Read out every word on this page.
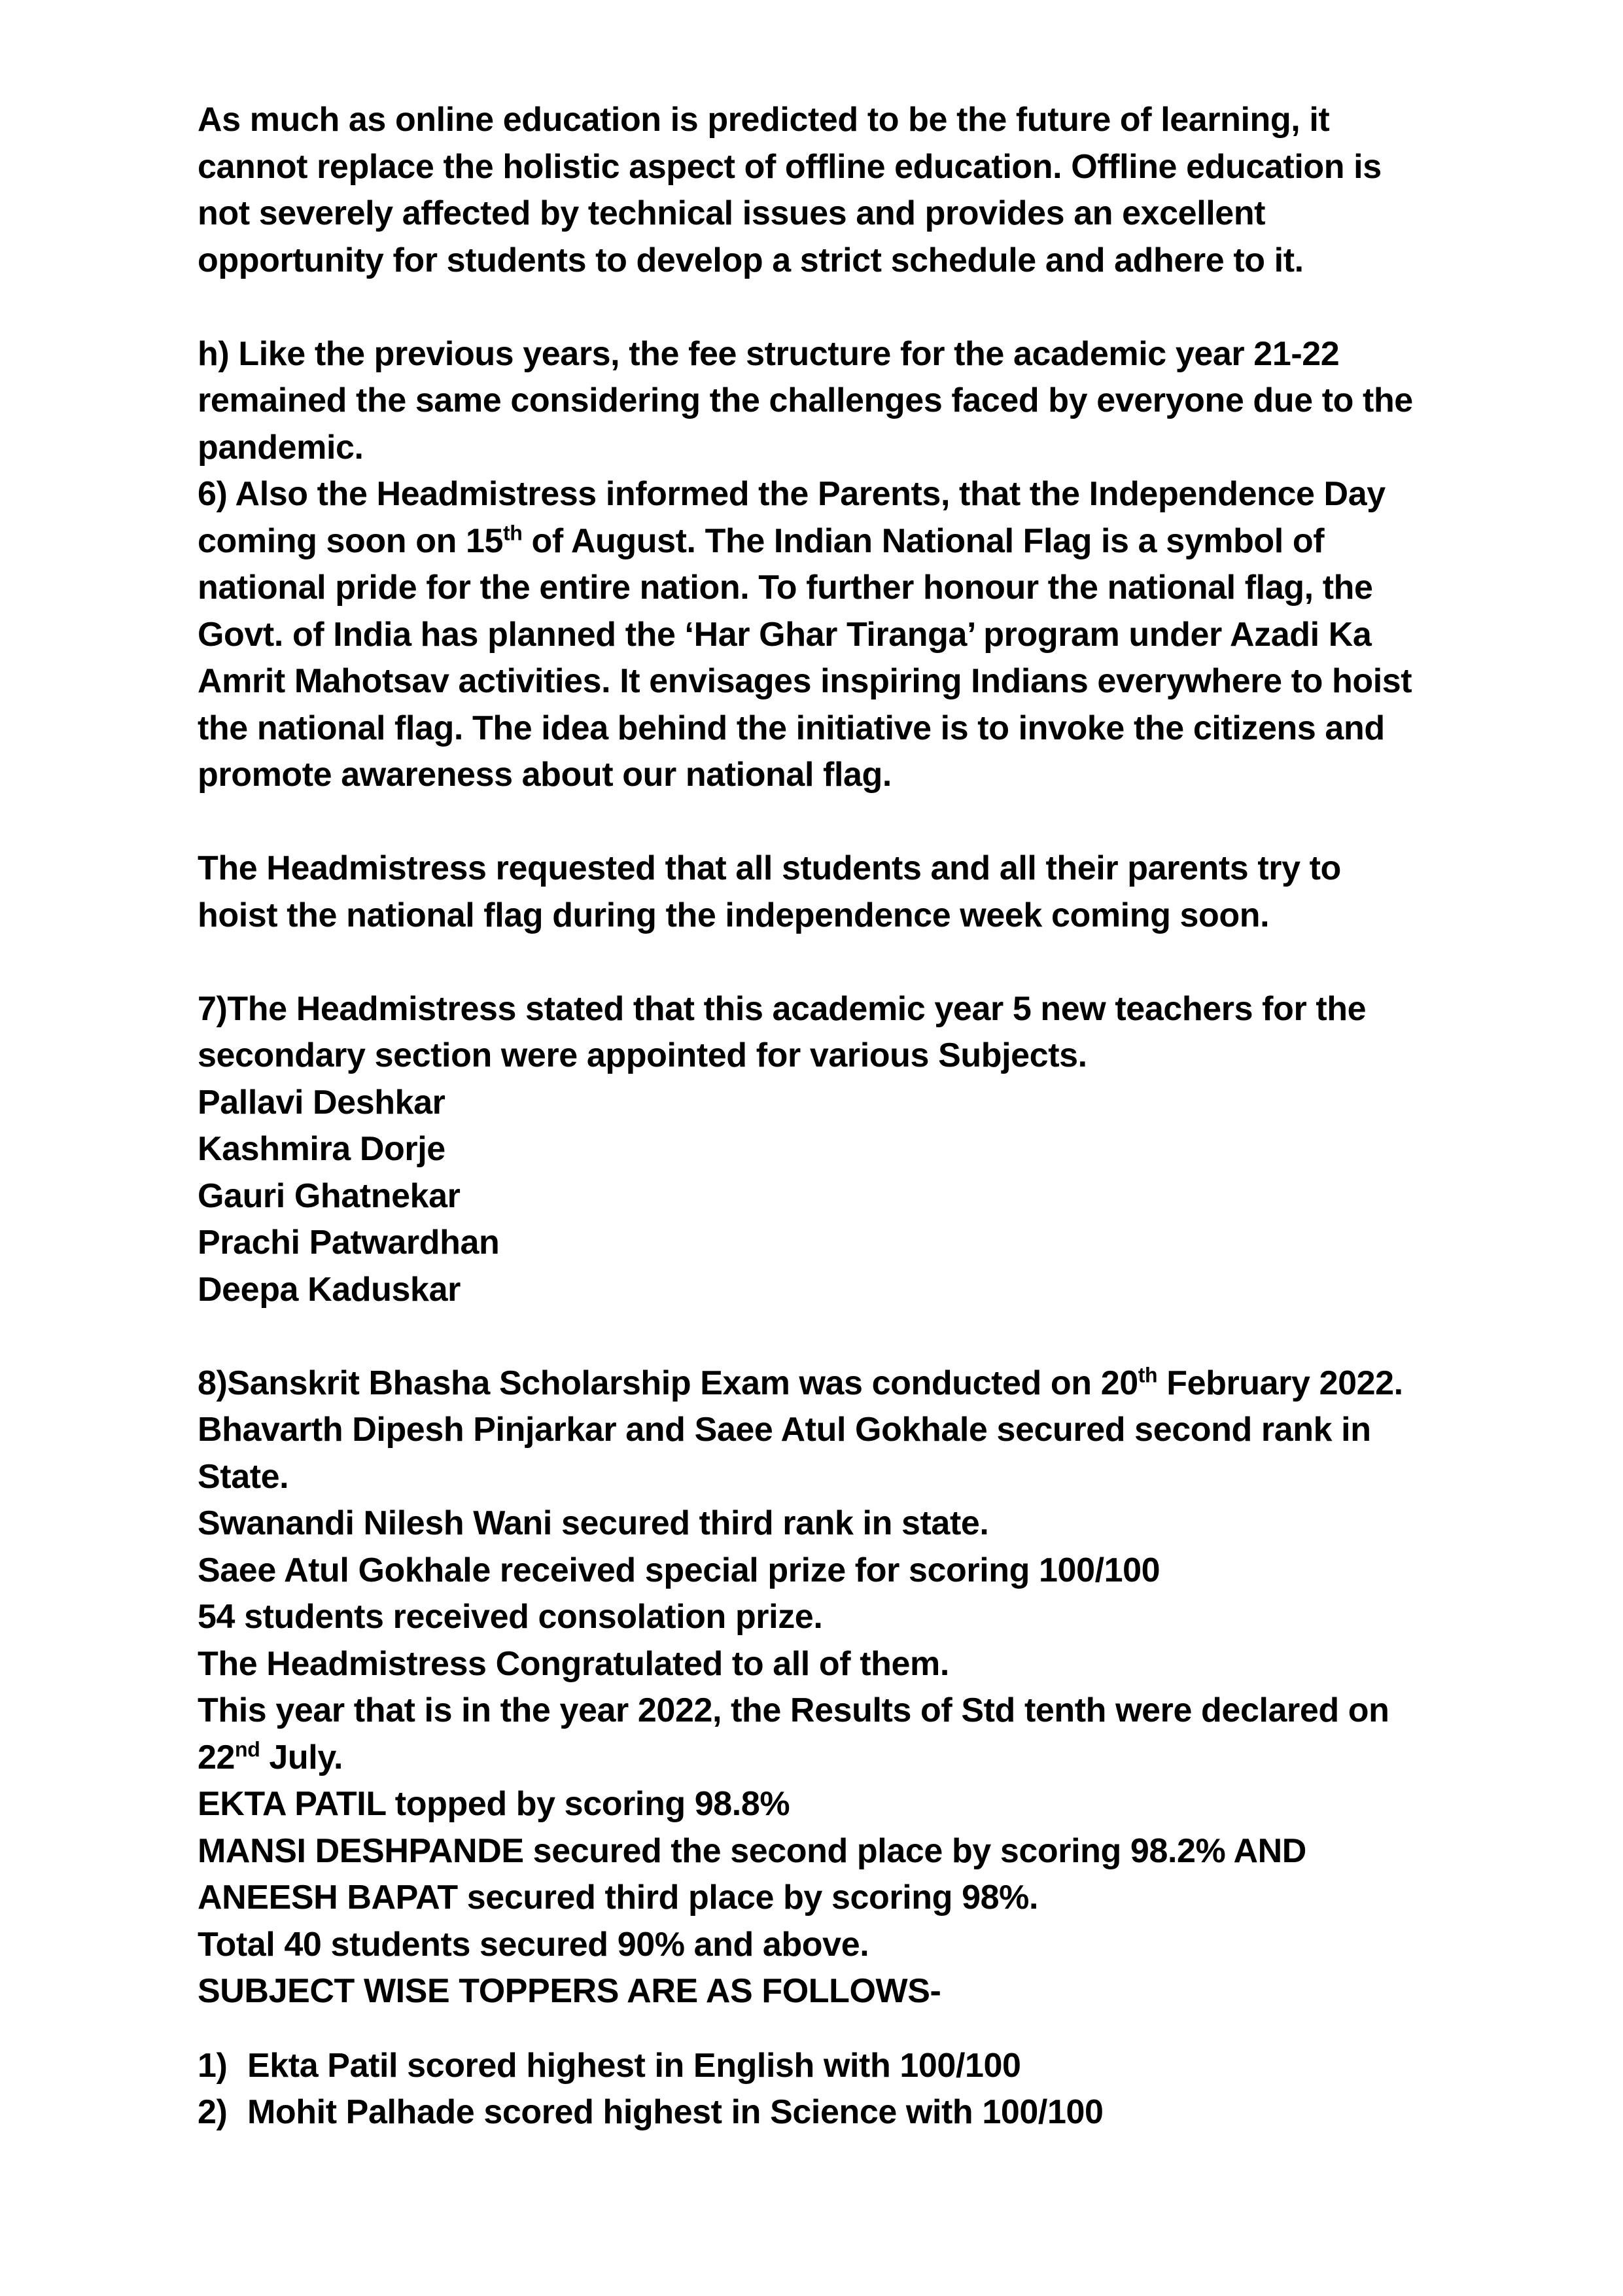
As much as online education is predicted to be the future of learning, it

cannot replace the holistic aspect of offline education. Offline education is

not severely affected by technical issues and provides an excellent

opportunity for students to develop a strict schedule and adhere to it.

h) Like the previous years, the fee structure for the academic year 21-22

remained the same considering the challenges faced by everyone due to the

pandemic.

6) Also the Headmistress informed the Parents, that the Independence Day

coming soon on 15th of August. The Indian National Flag is a symbol of

national pride for the entire nation. To further honour the national flag, the

Govt. of India has planned the ‘Har Ghar Tiranga’ program under Azadi Ka

Amrit Mahotsav activities. It envisages inspiring Indians everywhere to hoist

the national flag. The idea behind the initiative is to invoke the citizens and

promote awareness about our national flag.

The Headmistress requested that all students and all their parents try to

hoist the national flag during the independence week coming soon.

7)The Headmistress stated that this academic year 5 new teachers for the

secondary section were appointed for various Subjects.

Pallavi Deshkar

Kashmira Dorje

Gauri Ghatnekar

Prachi Patwardhan

Deepa Kaduskar

8)Sanskrit Bhasha Scholarship Exam was conducted on 20th February 2022.

Bhavarth Dipesh Pinjarkar and Saee Atul Gokhale secured second rank in

State.

Swanandi Nilesh Wani secured third rank in state.

Saee Atul Gokhale received special prize for scoring 100/100

54 students received consolation prize.

The Headmistress Congratulated to all of them.

This year that is in the year 2022, the Results of Std tenth were declared on

22nd July.

EKTA PATIL topped by scoring 98.8%

MANSI DESHPANDE secured the second place by scoring 98.2% AND

ANEESH BAPAT secured third place by scoring 98%.

Total 40 students secured 90% and above.

SUBJECT WISE TOPPERS ARE AS FOLLOWS-

1) Ekta Patil scored highest in English with 100/100

2) Mohit Palhade scored highest in Science with 100/100
